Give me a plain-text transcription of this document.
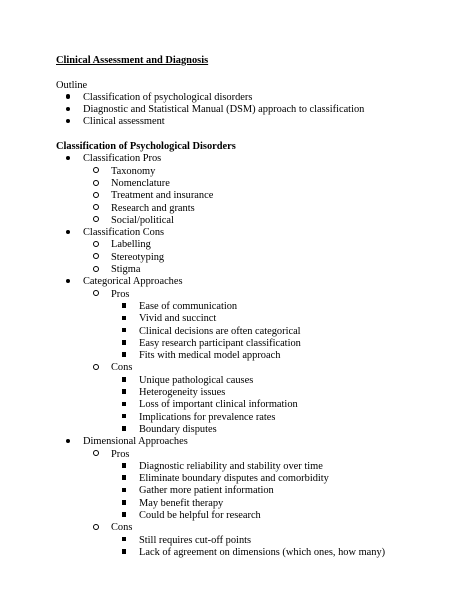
Clinical Assessment and Diagnosis
Outline
Classification of psychological disorders
Diagnostic and Statistical Manual (DSM) approach to classification
Clinical assessment
Classification of Psychological Disorders
Classification Pros
Taxonomy
Nomenclature
Treatment and insurance
Research and grants
Social/political
Classification Cons
Labelling
Stereotyping
Stigma
Categorical Approaches
Pros
Ease of communication
Vivid and succinct
Clinical decisions are often categorical
Easy research participant classification
Fits with medical model approach
Cons
Unique pathological causes
Heterogeneity issues
Loss of important clinical information
Implications for prevalence rates
Boundary disputes
Dimensional Approaches
Pros
Diagnostic reliability and stability over time
Eliminate boundary disputes and comorbidity
Gather more patient information
May benefit therapy
Could be helpful for research
Cons
Still requires cut-off points
Lack of agreement on dimensions (which ones, how many)
